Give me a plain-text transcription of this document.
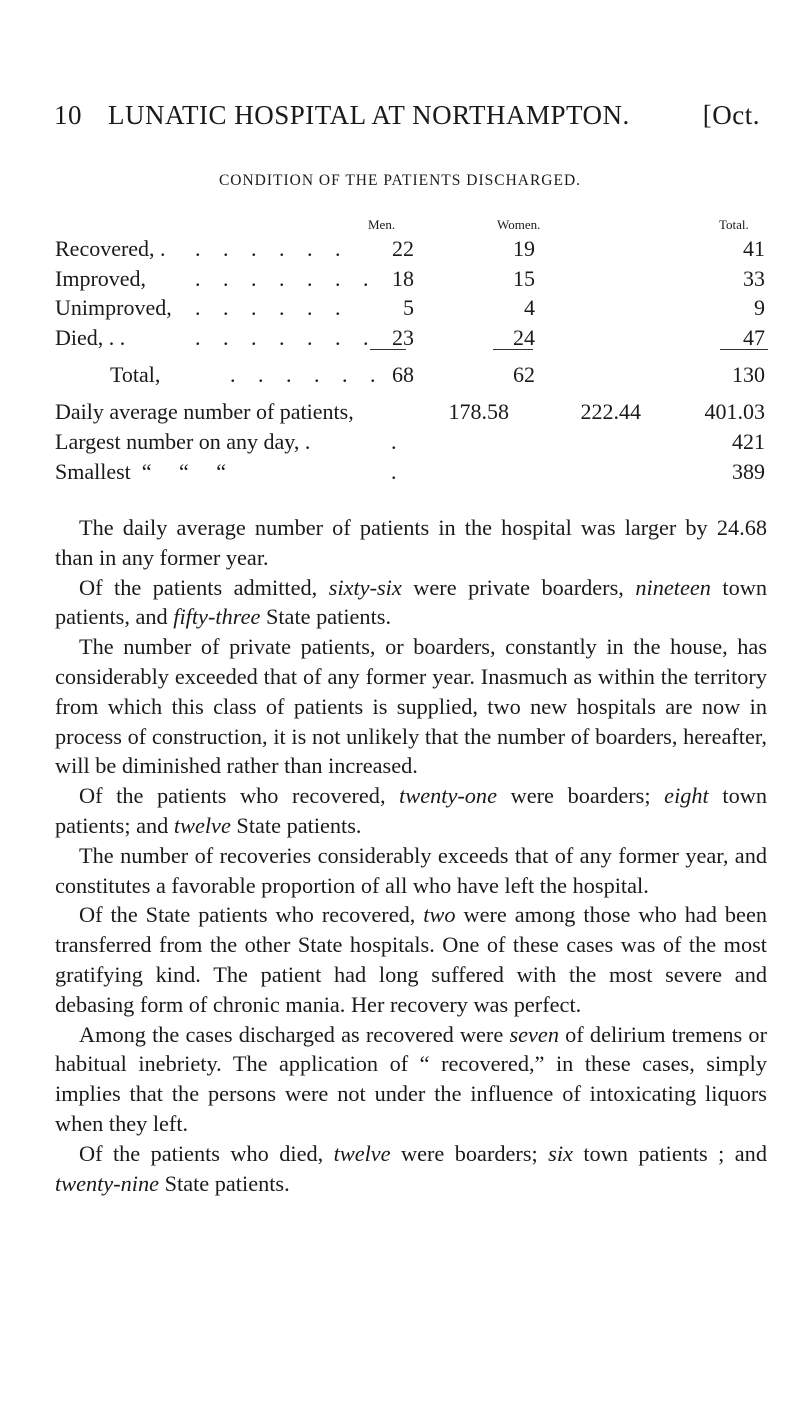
10 LUNATIC HOSPITAL AT NORTHAMPTON.	[Oct.
CONDITION OF THE PATIENTS DISCHARGED.
Men.	Women.	Total.
Recovered, . . . . . . . 22	19	41
Improved, . . . . . . . 18	15	33
Unimproved, . . . . . .	5	4	9
Died, . .	. . . . . . . 23	24	47
Total,	. . . . . . 68	62	130
Daily average number of patients,	178.58	222.44	401.03
Largest number on any day, .	.	421
Smallest  “     “     “	.	389

The daily average number of patients in the hospital was larger by 24.68 than in any former year.

Of the patients admitted, sixty-six were private boarders, nineteen town patients, and fifty-three State patients.

The number of private patients, or boarders, constantly in the house, has considerably exceeded that of any former year. Inasmuch as within the territory from which this class of patients is supplied, two new hospitals are now in process of construction, it is not unlikely that the number of boarders, hereafter, will be diminished rather than increased.

Of the patients who recovered, twenty-one were boarders; eight town patients; and twelve State patients.

The number of recoveries considerably exceeds that of any former year, and constitutes a favorable proportion of all who have left the hospital.

Of the State patients who recovered, two were among those who had been transferred from the other State hospitals. One of these cases was of the most gratifying kind. The patient had long suffered with the most severe and debasing form of chronic mania. Her recovery was perfect.

Among the cases discharged as recovered were seven of delirium tremens or habitual inebriety. The application of “ recovered,” in these cases, simply implies that the persons were not under the influence of intoxicating liquors when they left.

Of the patients who died, twelve were boarders; six town patients ; and twenty-nine State patients.
